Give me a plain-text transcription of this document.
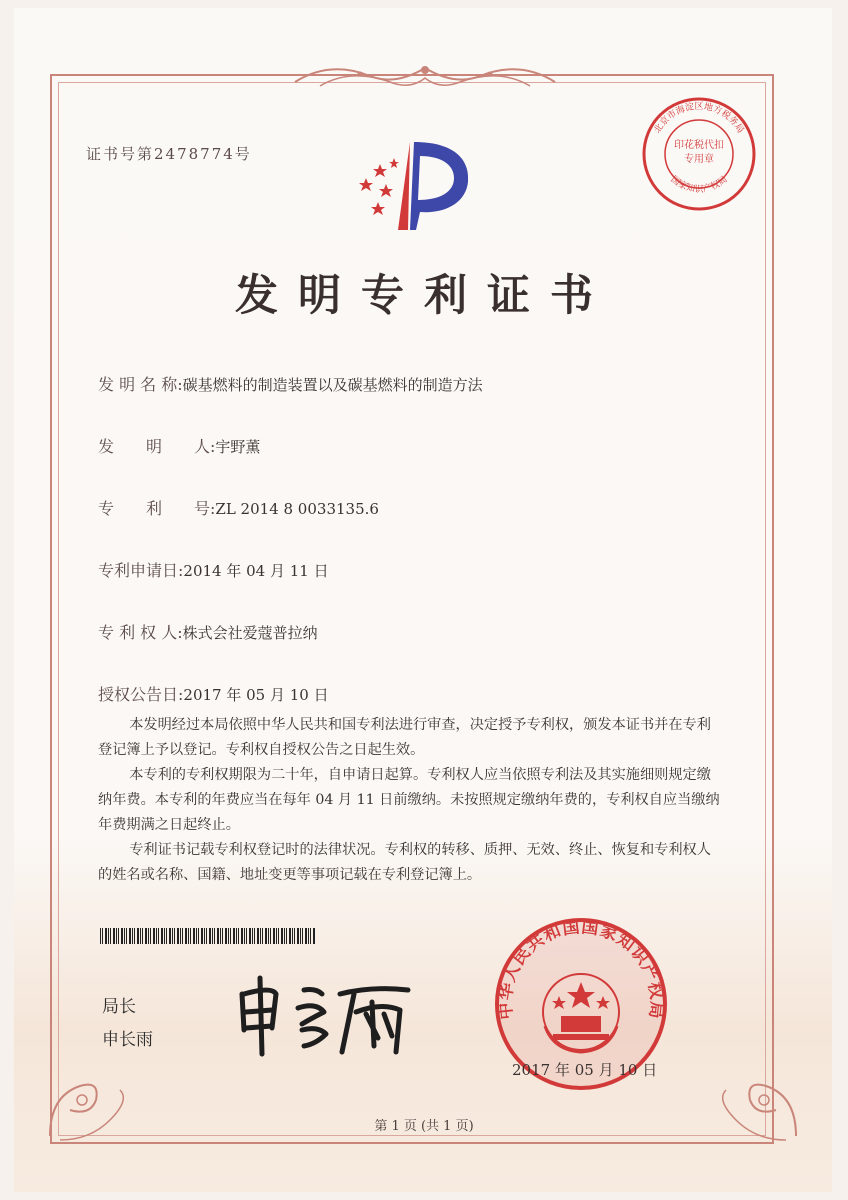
证书号第2478774号
北京市海淀区地方税务局
国家知识产权局
印花税代扣专用章
发明专利证书
发 明 名 称:碳基燃料的制造装置以及碳基燃料的制造方法
发　　明　　人:宇野薫
专　　利　　号:ZL 2014 8 0033135.6
专利申请日:2014 年 04 月 11 日
专 利 权 人:株式会社爱蔻普拉纳
授权公告日:2017 年 05 月 10 日

本发明经过本局依照中华人民共和国专利法进行审查，决定授予专利权，颁发本证书并在专利登记簿上予以登记。专利权自授权公告之日起生效。

本专利的专利权期限为二十年，自申请日起算。专利权人应当依照专利法及其实施细则规定缴纳年费。本专利的年费应当在每年 04 月 11 日前缴纳。未按照规定缴纳年费的，专利权自应当缴纳年费期满之日起终止。

专利证书记载专利权登记时的法律状况。专利权的转移、质押、无效、终止、恢复和专利权人的姓名或名称、国籍、地址变更等事项记载在专利登记簿上。

局长
申长雨
中华人民共和国国家知识产权局
2017 年 05 月 10 日
第 1 页 (共 1 页)
